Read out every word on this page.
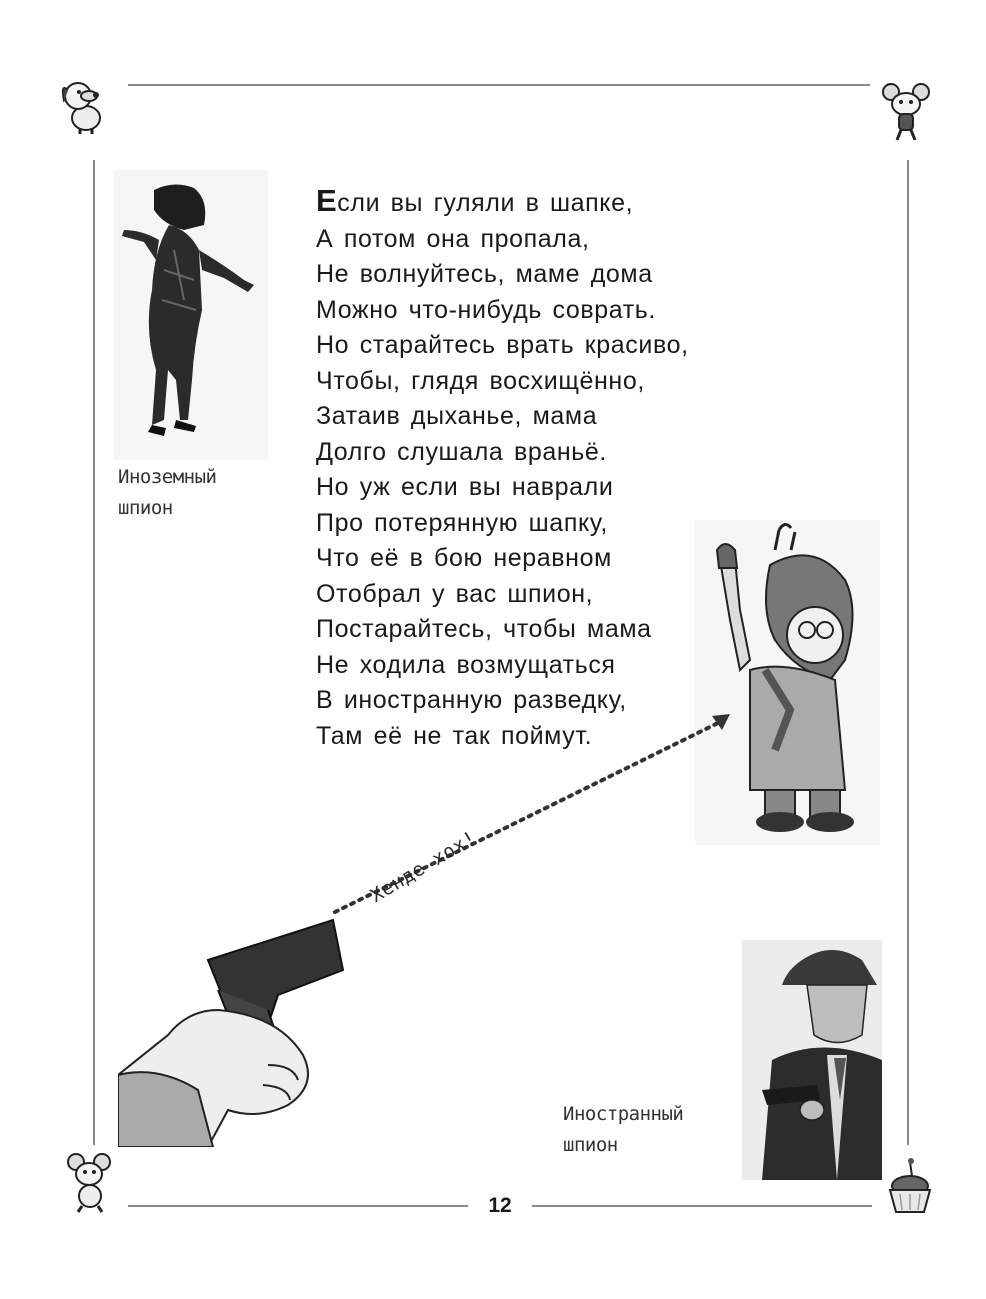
Иноземный
шпион
Если вы гуляли в шапке,
А потом она пропала,
Не волнуйтесь, маме дома
Можно что-нибудь соврать.
Но старайтесь врать красиво,
Чтобы, глядя восхищённо,
Затаив дыханье, мама
Долго слушала враньё.
Но уж если вы наврали
Про потерянную шапку,
Что её в бою неравном
Отобрал у вас шпион,
Постарайтесь, чтобы мама
Не ходила возмущаться
В иностранную разведку,
Там её не так поймут.
Хенде хох!
Иностранный
шпион
12
